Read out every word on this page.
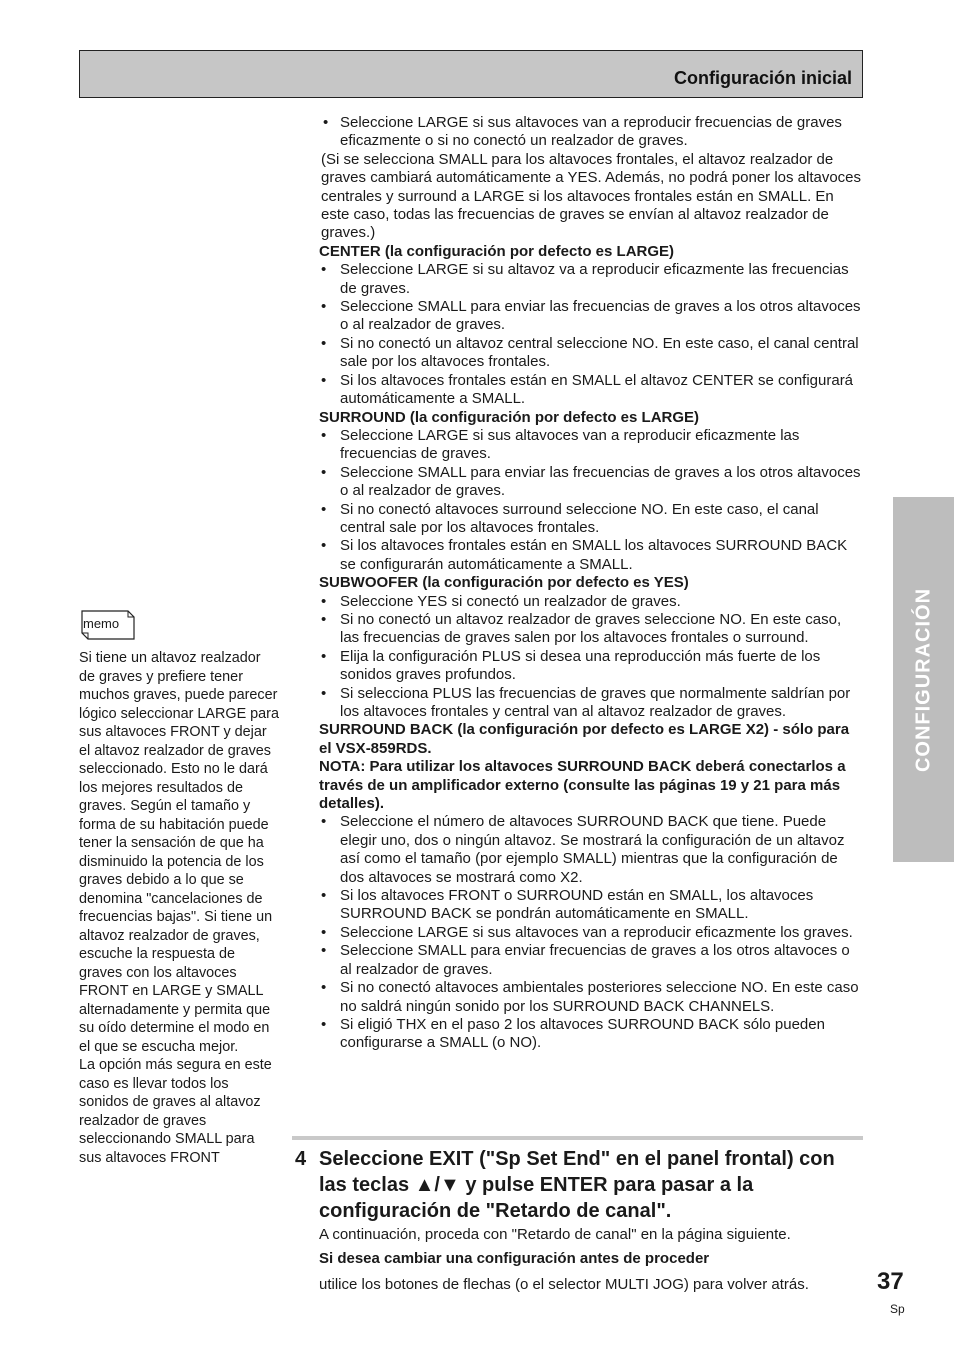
Configuración inicial

• Seleccione LARGE si sus altavoces van a reproducir frecuencias de graves eficazmente o si no conectó un realzador de graves.

(Si se selecciona SMALL para los altavoces frontales, el altavoz realzador de graves cambiará automáticamente a YES. Además, no podrá poner los altavoces centrales y surround a LARGE si los altavoces frontales están en SMALL. En este caso, todas las frecuencias de graves se envían al altavoz realzador de graves.)

CENTER (la configuración por defecto es LARGE)

• Seleccione LARGE si su altavoz va a reproducir eficazmente las frecuencias de graves.

• Seleccione SMALL para enviar las frecuencias de graves a los otros altavoces o al realzador de graves.

• Si no conectó un altavoz central seleccione NO. En este caso, el canal central sale por los altavoces frontales.

• Si los altavoces frontales están en SMALL el altavoz CENTER se configurará automáticamente a SMALL.

SURROUND (la configuración por defecto es LARGE)

• Seleccione LARGE si sus altavoces van a reproducir eficazmente las frecuencias de graves.

• Seleccione SMALL para enviar las frecuencias de graves a los otros altavoces o al realzador de graves.

• Si no conectó altavoces surround seleccione NO. En este caso, el canal central sale por los altavoces frontales.

• Si los altavoces frontales están en SMALL los altavoces SURROUND BACK se configurarán automáticamente a SMALL.

SUBWOOFER (la configuración por defecto es YES)

• Seleccione YES si conectó un realzador de graves.

• Si no conectó un altavoz realzador de graves seleccione NO. En este caso, las frecuencias de graves salen por los altavoces frontales o surround.

• Elija la configuración PLUS si desea una reproducción más fuerte de los sonidos graves profundos.

• Si selecciona PLUS las frecuencias de graves que normalmente saldrían por los altavoces frontales y central van al altavoz realzador de graves.

SURROUND BACK (la configuración por defecto es LARGE X2) - sólo para el VSX-859RDS.

NOTA: Para utilizar los altavoces SURROUND BACK deberá conectarlos a través de un amplificador externo (consulte las páginas 19 y 21 para más detalles).

• Seleccione el número de altavoces SURROUND BACK que tiene. Puede elegir uno, dos o ningún altavoz. Se mostrará la configuración de un altavoz así como el tamaño (por ejemplo SMALL) mientras que la configuración de dos altavoces se mostrará como X2.

• Si los altavoces FRONT o SURROUND están en SMALL, los altavoces SURROUND BACK se pondrán automáticamente en SMALL.

• Seleccione LARGE si sus altavoces van a reproducir eficazmente los graves.

• Seleccione SMALL para enviar frecuencias de graves a los otros altavoces o al realzador de graves.

• Si no conectó altavoces ambientales posteriores seleccione NO. En este caso no saldrá ningún sonido por los SURROUND BACK CHANNELS.

• Si eligió THX en el paso 2 los altavoces SURROUND BACK sólo pueden configurarse a SMALL (o NO).

4 Seleccione EXIT ("Sp Set End" en el panel frontal) con las teclas ▲/▼ y pulse ENTER para pasar a la configuración de "Retardo de canal".

A continuación, proceda con "Retardo de canal" en la página siguiente.

Si desea cambiar una configuración antes de proceder

utilice los botones de flechas (o el selector MULTI JOG) para volver atrás.

memo
Si tiene un altavoz realzador de graves y prefiere tener muchos graves, puede parecer lógico seleccionar LARGE para sus altavoces FRONT y dejar el altavoz realzador de graves seleccionado. Esto no le dará los mejores resultados de graves. Según el tamaño y forma de su habitación puede tener la sensación de que ha disminuido la potencia de los graves debido a lo que se denomina "cancelaciones de frecuencias bajas". Si tiene un altavoz realzador de graves, escuche la respuesta de graves con los altavoces FRONT en LARGE y SMALL alternadamente y permita que su oído determine el modo en el que se escucha mejor.
La opción más segura en este caso es llevar todos los sonidos de graves al altavoz realzador de graves seleccionando SMALL para sus altavoces FRONT
CONFIGURACIÓN
37
Sp
